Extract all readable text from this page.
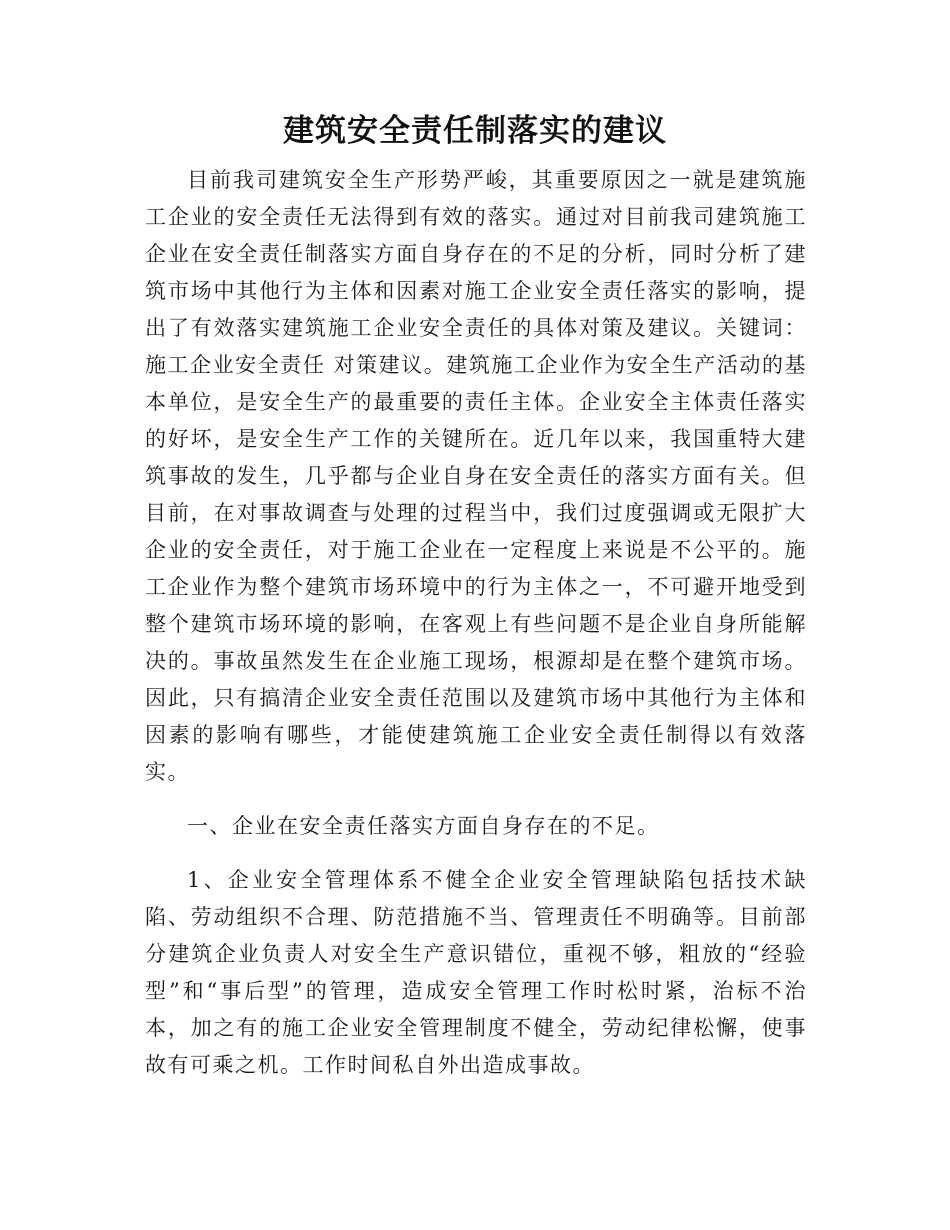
建筑安全责任制落实的建议

目前我司建筑安全生产形势严峻，其重要原因之一就是建筑施工企业的安全责任无法得到有效的落实。通过对目前我司建筑施工企业在安全责任制落实方面自身存在的不足的分析，同时分析了建筑市场中其他行为主体和因素对施工企业安全责任落实的影响，提出了有效落实建筑施工企业安全责任的具体对策及建议。关键词：施工企业安全责任 对策建议。建筑施工企业作为安全生产活动的基本单位，是安全生产的最重要的责任主体。企业安全主体责任落实的好坏，是安全生产工作的关键所在。近几年以来，我国重特大建筑事故的发生，几乎都与企业自身在安全责任的落实方面有关。但目前，在对事故调查与处理的过程当中，我们过度强调或无限扩大企业的安全责任，对于施工企业在一定程度上来说是不公平的。施工企业作为整个建筑市场环境中的行为主体之一，不可避开地受到整个建筑市场环境的影响，在客观上有些问题不是企业自身所能解决的。事故虽然发生在企业施工现场，根源却是在整个建筑市场。因此，只有搞清企业安全责任范围以及建筑市场中其他行为主体和因素的影响有哪些，才能使建筑施工企业安全责任制得以有效落实。

一、企业在安全责任落实方面自身存在的不足。

1、企业安全管理体系不健全企业安全管理缺陷包括技术缺陷、劳动组织不合理、防范措施不当、管理责任不明确等。目前部分建筑企业负责人对安全生产意识错位，重视不够，粗放的“经验型”和“事后型”的管理，造成安全管理工作时松时紧，治标不治本，加之有的施工企业安全管理制度不健全，劳动纪律松懈，使事故有可乘之机。工作时间私自外出造成事故。
